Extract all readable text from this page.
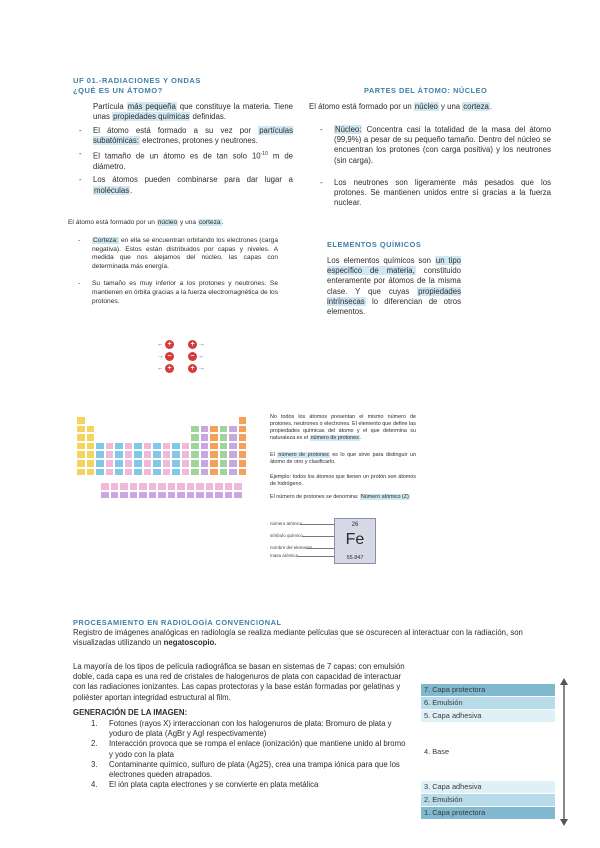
UF 01.-RADIACIONES Y ONDAS
¿QUÉ ES UN ÁTOMO?
Partícula más pequeña que constituye la materia. Tiene unas propiedades químicas definidas.
- El átomo está formado a su vez por partículas subatómicas: electrones, protones y neutrones.
- El tamaño de un átomo es de tan solo $10^{-10}$ m de diámetro.
- Los átomos pueden combinarse para dar lugar a moléculas.
PARTES DEL ÁTOMO: NÚCLEO
El átomo está formado por un núcleo y una corteza.
- Núcleo: Concentra casi la totalidad de la masa del átomo (99,9%) a pesar de su pequeño tamaño. Dentro del núcleo se encuentran los protones (con carga positiva) y los neutrones (sin carga).
- Los neutrones son ligeramente más pesados que los protones. Se mantienen unidos entre sí gracias a la fuerza nuclear.
El átomo está formado por un núcleo y una corteza.
- Corteza: en ella se encuentran orbitando los electrones (carga negativa). Estos están distribuidos por capas y niveles. A medida que nos alejamos del núcleo, las capas con determinada más energía.
- Su tamaño es muy inferior a los protones y neutrones. Se mantienen en órbita gracias a la fuerza electromagnética de los protones.
← +	+ →
→ −	− ←
← +	+ →
ELEMENTOS QUÍMICOS
Los elementos químicos son un tipo específico de materia, constituido enteramente por átomos de la misma clase. Y que cuyas propiedades intrínsecas lo diferencian de otros elementos.
No todos los átomos presentan el mismo número de protones, neutrones o electrones. El elemento que define las propiedades químicas del átomo y el que determina su naturaleza es el número de protones.
El número de protones es lo que sirve para distinguir un átomo de otro y clasificarlo.
Ejemplo: todos los átomos que tienen un protón son átomos de hidrógeno.
El número de protones se denomina: Número atómico (Z)
26
Fe
55.847
número atómico
símbolo químico
nombre del elemento
masa atómica
PROCESAMIENTO EN RADIOLOGÍA CONVENCIONAL
Registro de imágenes analógicas en radiología se realiza mediante películas que se oscurecen al interactuar con la radiación, son visualizadas utilizando un negatoscopio.
La mayoría de los tipos de película radiográfica se basan en sistemas de 7 capas: con emulsión doble, cada capa es una red de cristales de halogenuros de plata con capacidad de interactuar con las radiaciones ionizantes. Las capas protectoras y la base están formadas por gelatinas y poliéster aportan integridad estructural al film.
GENERACIÓN DE LA IMAGEN:
1. Fotones (rayos X) interaccionan con los halogenuros de plata: Bromuro de plata y yoduro de plata (AgBr y AgI respectivamente)
2. Interacción provoca que se rompa el enlace (ionización) que mantiene unido al bromo y yodo con la plata
3. Contaminante químico, sulfuro de plata (Ag2S), crea una trampa iónica para que los electrones queden atrapados.
4. El ión plata capta electrones y se convierte en plata metálica
7. Capa protectora
6. Emulsión
5. Capa adhesiva
4. Base
3. Capa adhesiva
2. Emulsión
1. Capa protectora
